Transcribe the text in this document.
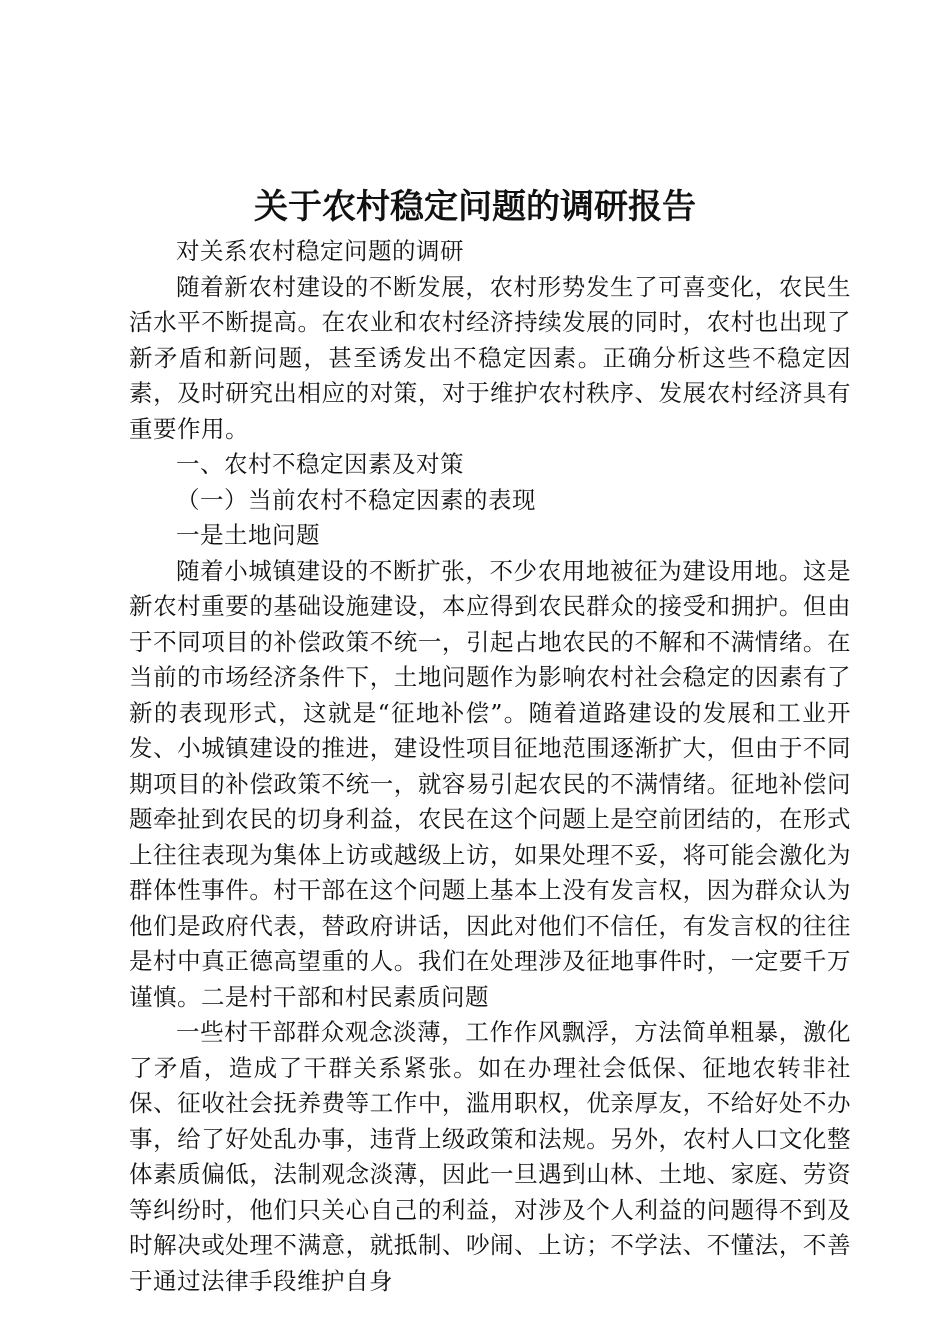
关于农村稳定问题的调研报告

对关系农村稳定问题的调研

随着新农村建设的不断发展，农村形势发生了可喜变化，农民生活水平不断提高。在农业和农村经济持续发展的同时，农村也出现了新矛盾和新问题，甚至诱发出不稳定因素。正确分析这些不稳定因素，及时研究出相应的对策，对于维护农村秩序、发展农村经济具有重要作用。

一、农村不稳定因素及对策

（一）当前农村不稳定因素的表现

一是土地问题

随着小城镇建设的不断扩张，不少农用地被征为建设用地。这是新农村重要的基础设施建设，本应得到农民群众的接受和拥护。但由于不同项目的补偿政策不统一，引起占地农民的不解和不满情绪。在当前的市场经济条件下，土地问题作为影响农村社会稳定的因素有了新的表现形式，这就是“征地补偿”。随着道路建设的发展和工业开发、小城镇建设的推进，建设性项目征地范围逐渐扩大，但由于不同期项目的补偿政策不统一，就容易引起农民的不满情绪。征地补偿问题牵扯到农民的切身利益，农民在这个问题上是空前团结的，在形式上往往表现为集体上访或越级上访，如果处理不妥，将可能会激化为群体性事件。村干部在这个问题上基本上没有发言权，因为群众认为他们是政府代表，替政府讲话，因此对他们不信任，有发言权的往往是村中真正德高望重的人。我们在处理涉及征地事件时，一定要千万谨慎。二是村干部和村民素质问题

一些村干部群众观念淡薄，工作作风飘浮，方法简单粗暴，激化了矛盾，造成了干群关系紧张。如在办理社会低保、征地农转非社保、征收社会抚养费等工作中，滥用职权，优亲厚友，不给好处不办事，给了好处乱办事，违背上级政策和法规。另外，农村人口文化整体素质偏低，法制观念淡薄，因此一旦遇到山林、土地、家庭、劳资等纠纷时，他们只关心自己的利益，对涉及个人利益的问题得不到及时解决或处理不满意，就抵制、吵闹、上访；不学法、不懂法，不善于通过法律手段维护自身
